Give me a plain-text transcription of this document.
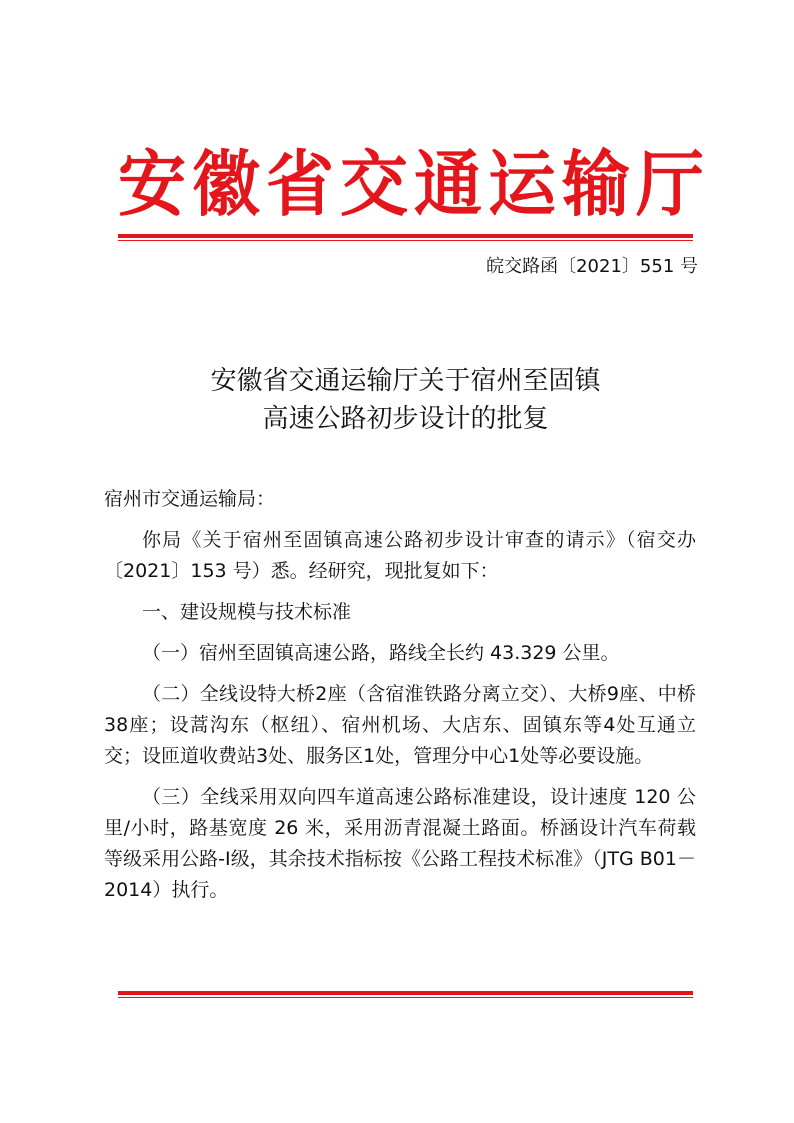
安徽省交通运输厅
皖交路函〔2021〕551 号
安徽省交通运输厅关于宿州至固镇
高速公路初步设计的批复

宿州市交通运输局：

你局《关于宿州至固镇高速公路初步设计审查的请示》（宿交办〔2021〕153 号）悉。经研究，现批复如下：

一、建设规模与技术标准

（一）宿州至固镇高速公路，路线全长约 43.329 公里。

（二）全线设特大桥2座（含宿淮铁路分离立交）、大桥9座、中桥38座；设蒿沟东（枢纽）、宿州机场、大店东、固镇东等4处互通立交；设匝道收费站3处、服务区1处，管理分中心1处等必要设施。

（三）全线采用双向四车道高速公路标准建设，设计速度 120 公里/小时，路基宽度 26 米，采用沥青混凝土路面。桥涵设计汽车荷载等级采用公路-Ⅰ级，其余技术指标按《公路工程技术标准》（JTG B01－2014）执行。
